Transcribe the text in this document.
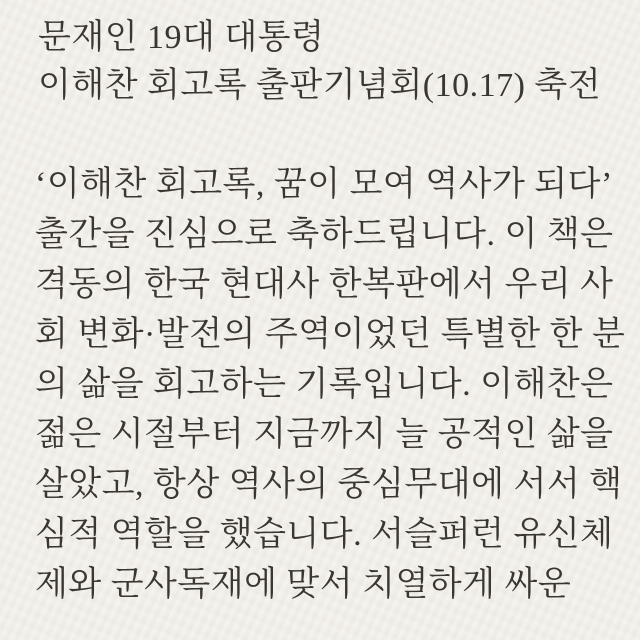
문재인 19대 대통령
이해찬 회고록 출판기념회(10.17) 축전
‘이해찬 회고록, 꿈이 모여 역사가 되다’
출간을 진심으로 축하드립니다. 이 책은
격동의 한국 현대사 한복판에서 우리 사
회 변화·발전의 주역이었던 특별한 한 분
의 삶을 회고하는 기록입니다. 이해찬은
젊은 시절부터 지금까지 늘 공적인 삶을
살았고, 항상 역사의 중심무대에 서서 핵
심적 역할을 했습니다. 서슬퍼런 유신체
제와 군사독재에 맞서 치열하게 싸운
